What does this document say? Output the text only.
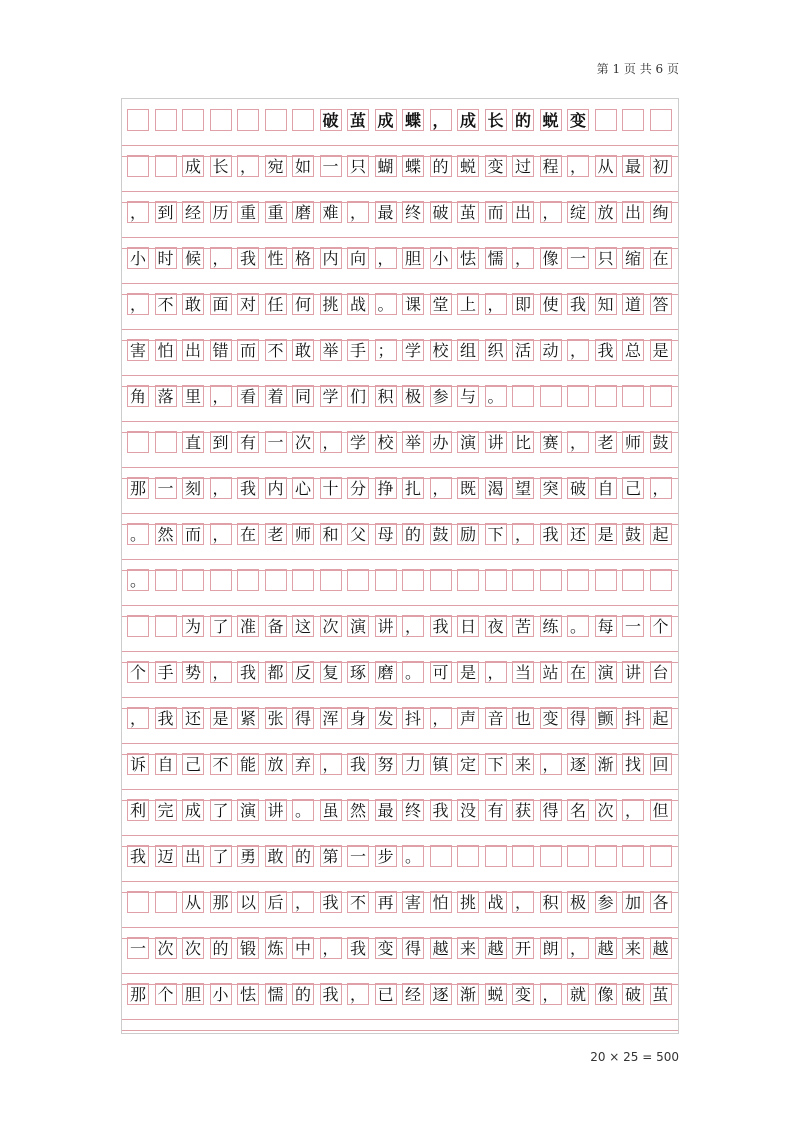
第 1 页 共 6 页
破 茧 成 蝶 ， 成 长 的 蜕 变
成 长 ， 宛 如 一 只 蝴 蝶 的 蜕 变 过 程 ， 从 最 初
， 到 经 历 重 重 磨 难 ， 最 终 破 茧 而 出 ， 绽 放 出 绚
小 时 候 ， 我 性 格 内 向 ， 胆 小 怯 懦 ， 像 一 只 缩 在
， 不 敢 面 对 任 何 挑 战 。 课 堂 上 ， 即 使 我 知 道 答
害 怕 出 错 而 不 敢 举 手 ； 学 校 组 织 活 动 ， 我 总 是
角 落 里 ， 看 着 同 学 们 积 极 参 与 。
直 到 有 一 次 ， 学 校 举 办 演 讲 比 赛 ， 老 师 鼓
那 一 刻 ， 我 内 心 十 分 挣 扎 ， 既 渴 望 突 破 自 己 ，
。 然 而 ， 在 老 师 和 父 母 的 鼓 励 下 ， 我 还 是 鼓 起
。
为 了 准 备 这 次 演 讲 ， 我 日 夜 苦 练 。 每 一 个
个 手 势 ， 我 都 反 复 琢 磨 。 可 是 ， 当 站 在 演 讲 台
， 我 还 是 紧 张 得 浑 身 发 抖 ， 声 音 也 变 得 颤 抖 起
诉 自 己 不 能 放 弃 ， 我 努 力 镇 定 下 来 ， 逐 渐 找 回
利 完 成 了 演 讲 。 虽 然 最 终 我 没 有 获 得 名 次 ， 但
我 迈 出 了 勇 敢 的 第 一 步 。
从 那 以 后 ， 我 不 再 害 怕 挑 战 ， 积 极 参 加 各
一 次 次 的 锻 炼 中 ， 我 变 得 越 来 越 开 朗 ， 越 来 越
那 个 胆 小 怯 懦 的 我 ， 已 经 逐 渐 蜕 变 ， 就 像 破 茧
20 × 25 = 500
